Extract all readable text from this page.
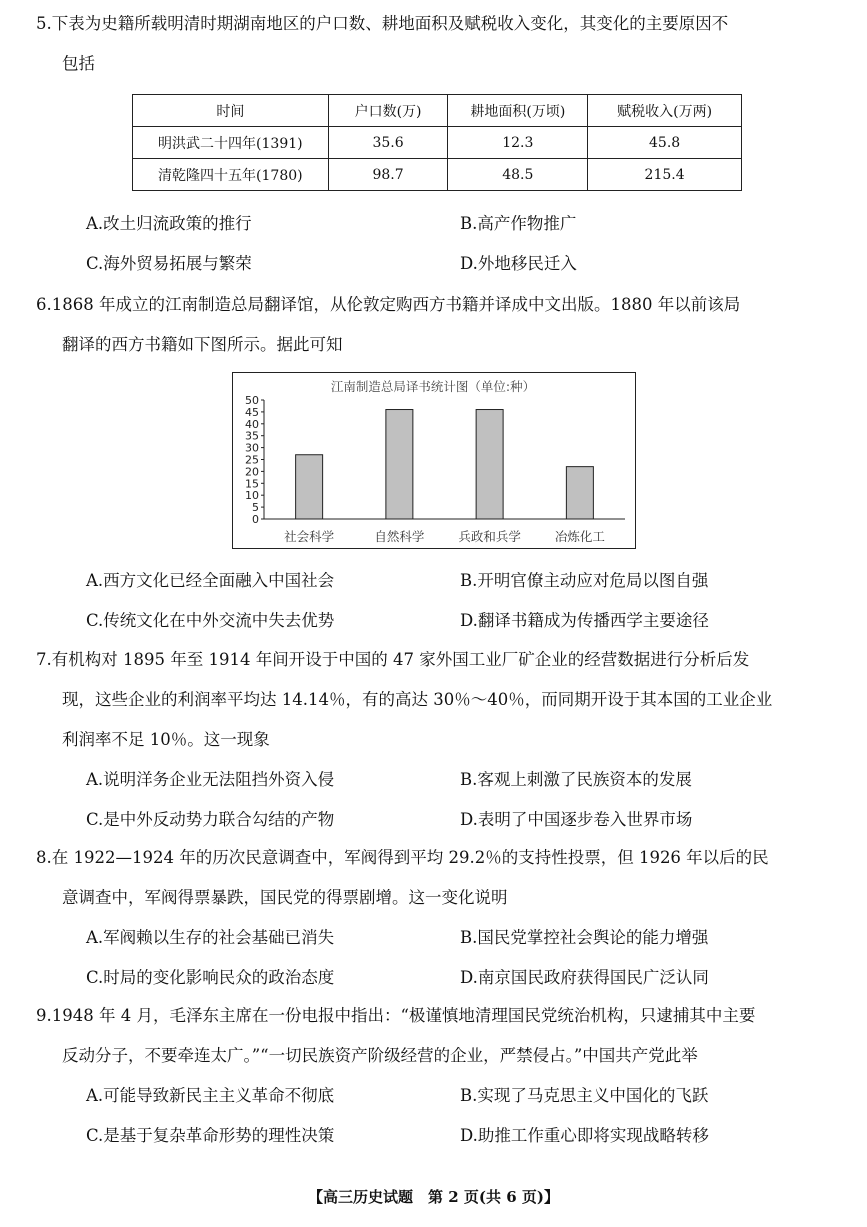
5.下表为史籍所载明清时期湖南地区的户口数、耕地面积及赋税收入变化，其变化的主要原因不
包括
时间	户口数(万)	耕地面积(万顷)	赋税收入(万两)
明洪武二十四年(1391)	35.6	12.3	45.8
清乾隆四十五年(1780)	98.7	48.5	215.4
A.改土归流政策的推行	B.高产作物推广
C.海外贸易拓展与繁荣	D.外地移民迁入
6.1868 年成立的江南制造总局翻译馆，从伦敦定购西方书籍并译成中文出版。1880 年以前该局
翻译的西方书籍如下图所示。据此可知
江南制造总局译书统计图（单位:种）
0
5
10
15
20
25
30
35
40
45
50
社会科学	自然科学	兵政和兵学	冶炼化工
A.西方文化已经全面融入中国社会	B.开明官僚主动应对危局以图自强
C.传统文化在中外交流中失去优势	D.翻译书籍成为传播西学主要途径
7.有机构对 1895 年至 1914 年间开设于中国的 47 家外国工业厂矿企业的经营数据进行分析后发
现，这些企业的利润率平均达 14.14％，有的高达 30％～40％，而同期开设于其本国的工业企业
利润率不足 10％。这一现象
A.说明洋务企业无法阻挡外资入侵	B.客观上刺激了民族资本的发展
C.是中外反动势力联合勾结的产物	D.表明了中国逐步卷入世界市场
8.在 1922—1924 年的历次民意调查中，军阀得到平均 29.2％的支持性投票，但 1926 年以后的民
意调查中，军阀得票暴跌，国民党的得票剧增。这一变化说明
A.军阀赖以生存的社会基础已消失	B.国民党掌控社会舆论的能力增强
C.时局的变化影响民众的政治态度	D.南京国民政府获得国民广泛认同
9.1948 年 4 月，毛泽东主席在一份电报中指出：“极谨慎地清理国民党统治机构，只逮捕其中主要
反动分子，不要牵连太广。”“一切民族资产阶级经营的企业，严禁侵占。”中国共产党此举
A.可能导致新民主主义革命不彻底	B.实现了马克思主义中国化的飞跃
C.是基于复杂革命形势的理性决策	D.助推工作重心即将实现战略转移
【高三历史试题　第 2 页(共 6 页)】
